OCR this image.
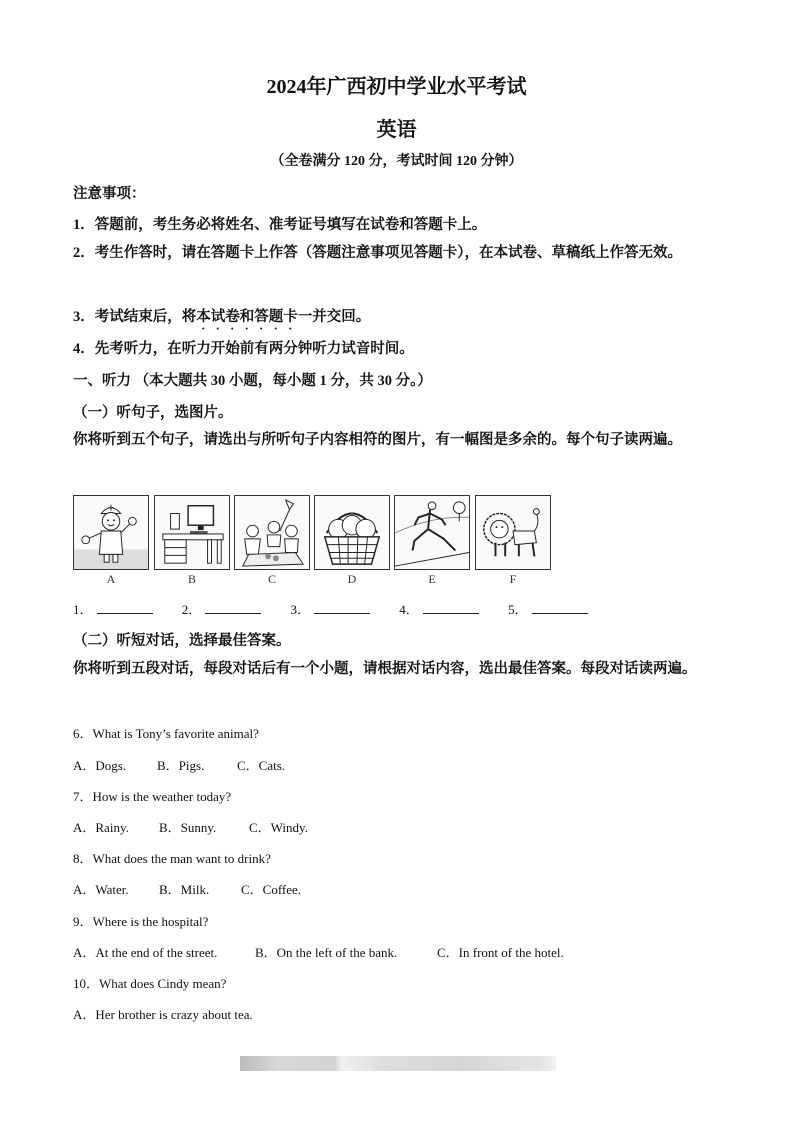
2024年广西初中学业水平考试
英语
（全卷满分 120 分，考试时间 120 分钟）
注意事项：
1．答题前，考生务必将姓名、准考证号填写在试卷和答题卡上。
2．考生作答时，请在答题卡上作答（答题注意事项见答题卡），在本试卷、草稿纸上作答无效。
3．考试结束后，将本试卷和答题卡一并交回。
4．先考听力，在听力开始前有两分钟听力试音时间。
一、听力 （本大题共 30 小题，每小题 1 分，共 30 分。）
（一）听句子，选图片。
你将听到五个句子，请选出与所听句子内容相符的图片，有一幅图是多余的。每个句子读两遍。
A	B	C	D	E	F
1．	2．	3．	4．	5．
（二）听短对话，选择最佳答案。
你将听到五段对话，每段对话后有一个小题，请根据对话内容，选出最佳答案。每段对话读两遍。
6．What is Tony’s favorite animal?
A．Dogs. B．Pigs.	C．Cats.
7．How is the weather today?
A．Rainy. B．Sunny.	C．Windy.
8．What does the man want to drink?
A．Water. B．Milk. C．Coffee.
9．Where is the hospital?
A．At the end of the street.	B．On the left of the bank.	C．In front of the hotel.
10．What does Cindy mean?
A．Her brother is crazy about tea.
